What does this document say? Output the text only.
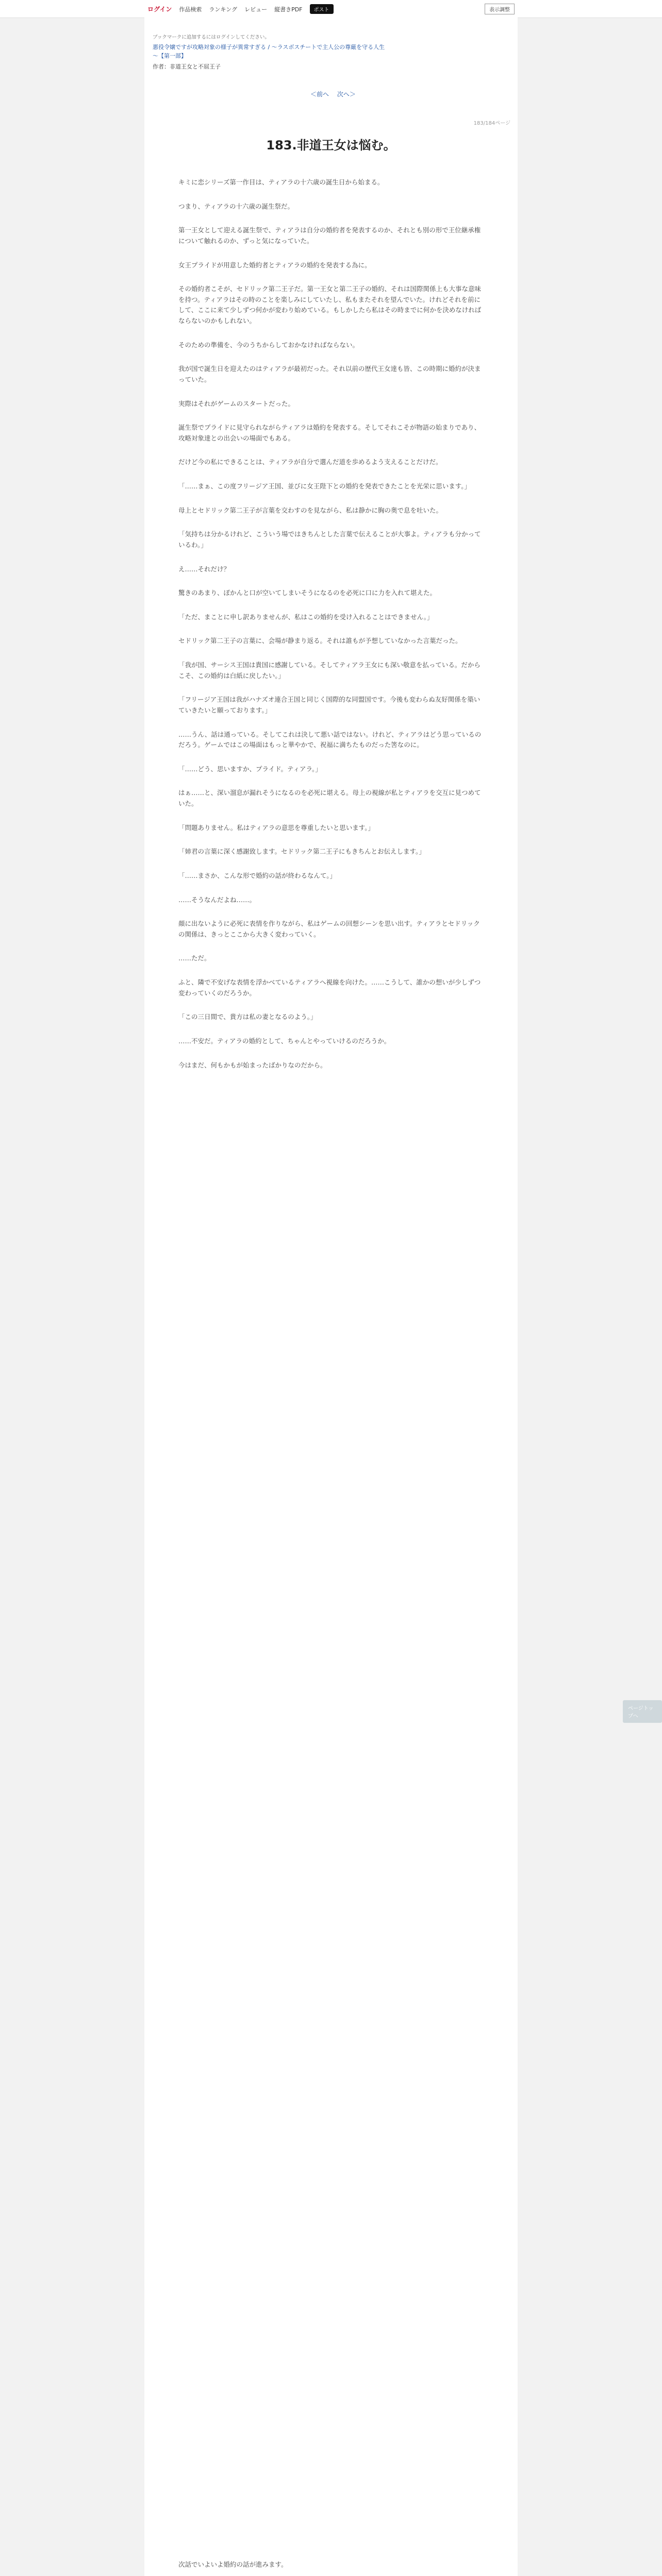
ログイン 作品検索 ランキング レビュー 縦書きPDF	ポスト	表示調整
ブックマークに追加するにはログインしてください。
悪役令嬢ですが攻略対象の様子が異常すぎる / ～ラスボスチートで主人公の尊厳を守る人生～【第一部】
作者：非道王女と不屈王子
＜前へ 次へ＞
183/184ページ
183.非道王女は悩む。

キミに恋シリーズ第一作目は、ティアラの十六歳の誕生日から始まる。

つまり、ティアラの十六歳の誕生祭だ。

第一王女として迎える誕生祭で、ティアラは自分の婚約者を発表するのか、それとも別の形で王位継承権について触れるのか、ずっと気になっていた。

女王プライドが用意した婚約者とティアラの婚約を発表する為に。

その婚約者こそが、セドリック第二王子だ。第一王女と第二王子の婚約、それは国際関係上も大事な意味を持つ。ティアラはその時のことを楽しみにしていたし、私もまたそれを望んでいた。けれどそれを前にして、ここに来て少しずつ何かが変わり始めている。もしかしたら私はその時までに何かを決めなければならないのかもしれない。

そのための準備を、今のうちからしておかなければならない。

我が国で誕生日を迎えたのはティアラが最初だった。それ以前の歴代王女達も皆、この時期に婚約が決まっていた。

実際はそれがゲームのスタートだった。

誕生祭でプライドに見守られながらティアラは婚約を発表する。そしてそれこそが物語の始まりであり、攻略対象達との出会いの場面でもある。

だけど今の私にできることは、ティアラが自分で選んだ道を歩めるよう支えることだけだ。

「……まぁ、この度フリージア王国、並びに女王陛下との婚約を発表できたことを光栄に思います。」

母上とセドリック第二王子が言葉を交わすのを見ながら、私は静かに胸の奥で息を吐いた。

「気持ちは分かるけれど、こういう場ではきちんとした言葉で伝えることが大事よ。ティアラも分かっているわ。」

え……それだけ？

驚きのあまり、ぽかんと口が空いてしまいそうになるのを必死に口に力を入れて堪えた。

「ただ、まことに申し訳ありませんが、私はこの婚約を受け入れることはできません。」

セドリック第二王子の言葉に、会場が静まり返る。それは誰もが予想していなかった言葉だった。

「我が国、サーシス王国は貴国に感謝している。そしてティアラ王女にも深い敬意を払っている。だからこそ、この婚約は白紙に戻したい。」

「フリージア王国は我がハナズオ連合王国と同じく国際的な同盟国です。今後も変わらぬ友好関係を築いていきたいと願っております。」

……うん、話は通っている。そしてこれは決して悪い話ではない。けれど、ティアラはどう思っているのだろう。ゲームではこの場面はもっと華やかで、祝福に満ちたものだった筈なのに。

「……どう、思いますか、プライド。ティアラ。」

はぁ……と、深い溜息が漏れそうになるのを必死に堪える。母上の視線が私とティアラを交互に見つめていた。

「問題ありません。私はティアラの意思を尊重したいと思います。」

「姉君の言葉に深く感謝致します。セドリック第二王子にもきちんとお伝えします。」

「……まさか、こんな形で婚約の話が終わるなんて。」

……そうなんだよね……。

顔に出ないように必死に表情を作りながら、私はゲームの回想シーンを思い出す。ティアラとセドリックの関係は、きっとここから大きく変わっていく。

……ただ。

ふと、隣で不安げな表情を浮かべているティアラへ視線を向けた。……こうして、誰かの想いが少しずつ変わっていくのだろうか。

「この三日間で、貴方は私の妻となるのよう。」

……不安だ。ティアラの婚約として、ちゃんとやっていけるのだろうか。

今はまだ、何もかもが始まったばかりなのだから。

次話でいよいよ婚約の話が進みます。
ページトップへ
